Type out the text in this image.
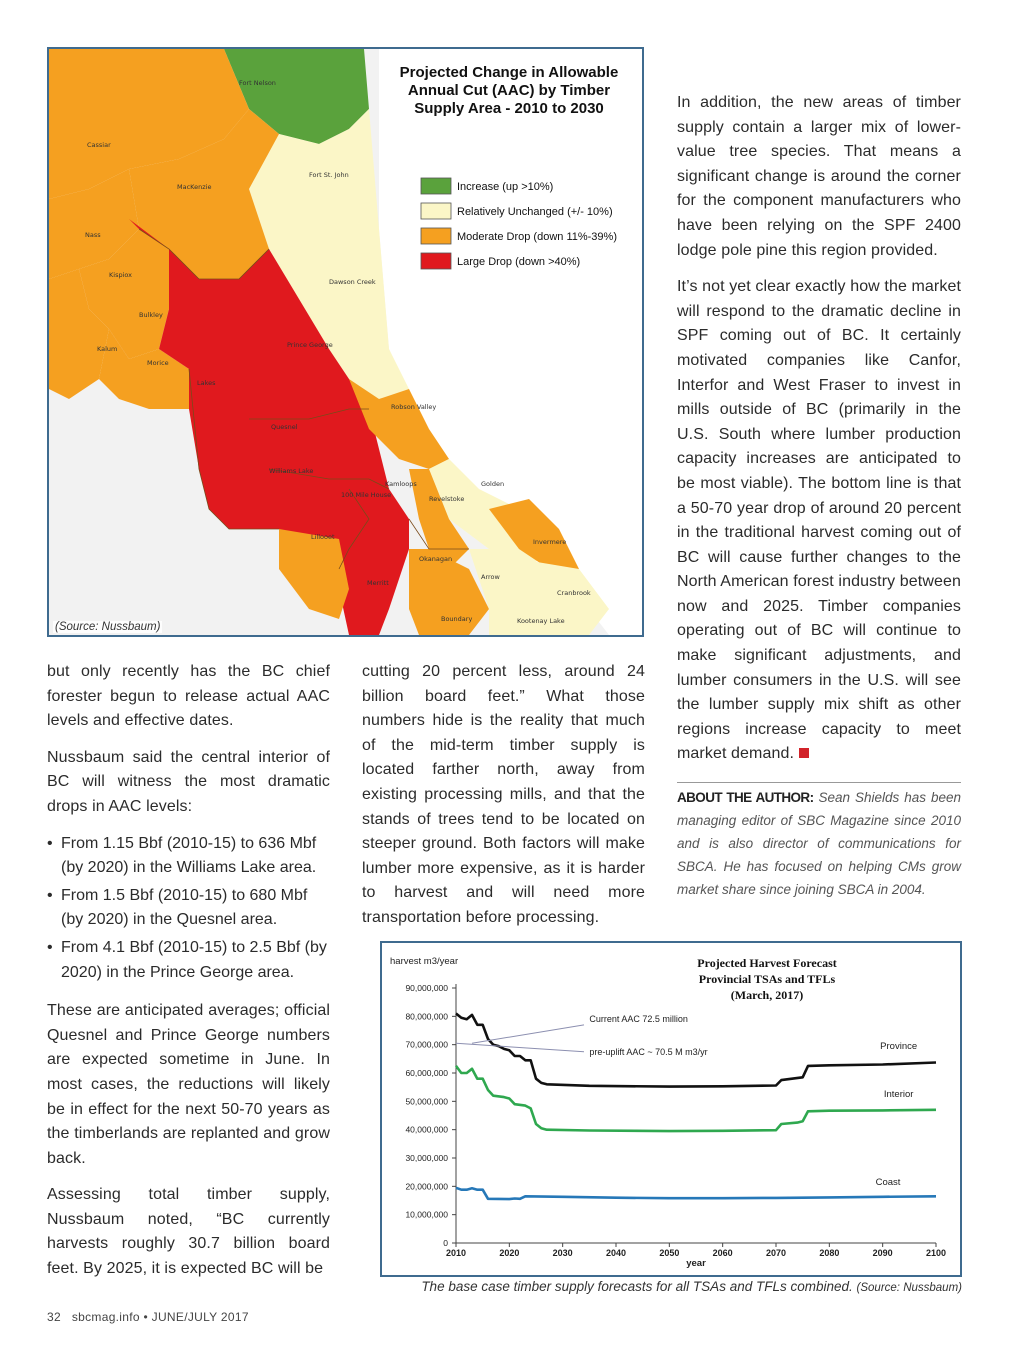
Fort Nelson
Cassiar
MacKenzie
Fort St. John
Nass
Dawson Creek
Kispiox
Bulkley
Kalum
Morice
Prince George
Lakes
Robson Valley
Quesnel
Williams Lake
Kamloops
100 Mile House
Golden
Revelstoke
Invermere
Lillooet
Okanagan
Arrow
Merritt
Cranbrook
Boundary	Kootenay Lake
Projected Change in Allowable
Annual Cut (AAC) by Timber
Supply Area - 2010 to 2030
Increase (up >10%)
Relatively Unchanged (+/- 10%)
Moderate Drop (down 11%-39%)
Large Drop (down >40%)
(Source: Nussbaum)

but only recently has the BC chief forester begun to release actual AAC levels and effective dates.

Nussbaum said the central interior of BC will witness the most dramatic drops in AAC levels:

• From 1.15 Bbf (2010-15) to 636 Mbf (by 2020) in the Williams Lake area.
• From 1.5 Bbf (2010-15) to 680 Mbf (by 2020) in the Quesnel area.
• From 4.1 Bbf (2010-15) to 2.5 Bbf (by 2020) in the Prince George area.

These are anticipated averages; official Quesnel and Prince George numbers are expected sometime in June. In most cases, the reductions will likely be in effect for the next 50-70 years as the timberlands are replanted and grow back.

Assessing total timber supply, Nussbaum noted, “BC currently harvests roughly 30.7 billion board feet. By 2025, it is expected BC will be

cutting 20 percent less, around 24 billion board feet.” What those numbers hide is the reality that much of the mid-term timber supply is located farther north, away from existing processing mills, and that the stands of trees tend to be located on steeper ground. Both factors will make lumber more expensive, as it is harder to harvest and will need more transportation before processing.

In addition, the new areas of timber supply contain a larger mix of lower-value tree species. That means a significant change is around the corner for the component manufacturers who have been relying on the SPF 2400 lodge pole pine this region provided.

It’s not yet clear exactly how the market will respond to the dramatic decline in SPF coming out of BC. It certainly motivated companies like Canfor, Interfor and West Fraser to invest in mills outside of BC (primarily in the U.S. South where lumber production capacity increases are anticipated to be most viable). The bottom line is that a 50-70 year drop of around 20 percent in the traditional harvest coming out of BC will cause further changes to the North American forest industry between now and 2025. Timber companies operating out of BC will continue to make significant adjustments, and lumber consumers in the U.S. will see the lumber supply mix shift as other regions increase capacity to meet market demand.

ABOUT THE AUTHOR: Sean Shields has been managing editor of SBC Magazine since 2010 and is also director of communications for SBCA. He has focused on helping CMs grow market share since joining SBCA in 2004.
0
10,000,000
20,000,000
30,000,000
40,000,000
50,000,000
60,000,000
70,000,000
80,000,000
90,000,000
2010	2020	2030	2040	2050	2060	2070	2080	2090	2100
harvest m3/year
year
Projected Harvest Forecast
Provincial TSAs and TFLs
(March, 2017)
Province
Interior
Coast
Current AAC 72.5 million
pre-uplift AAC ~ 70.5 M m3/yr
The base case timber supply forecasts for all TSAs and TFLs combined. (Source: Nussbaum)
32 sbcmag.info • JUNE/JULY 2017
